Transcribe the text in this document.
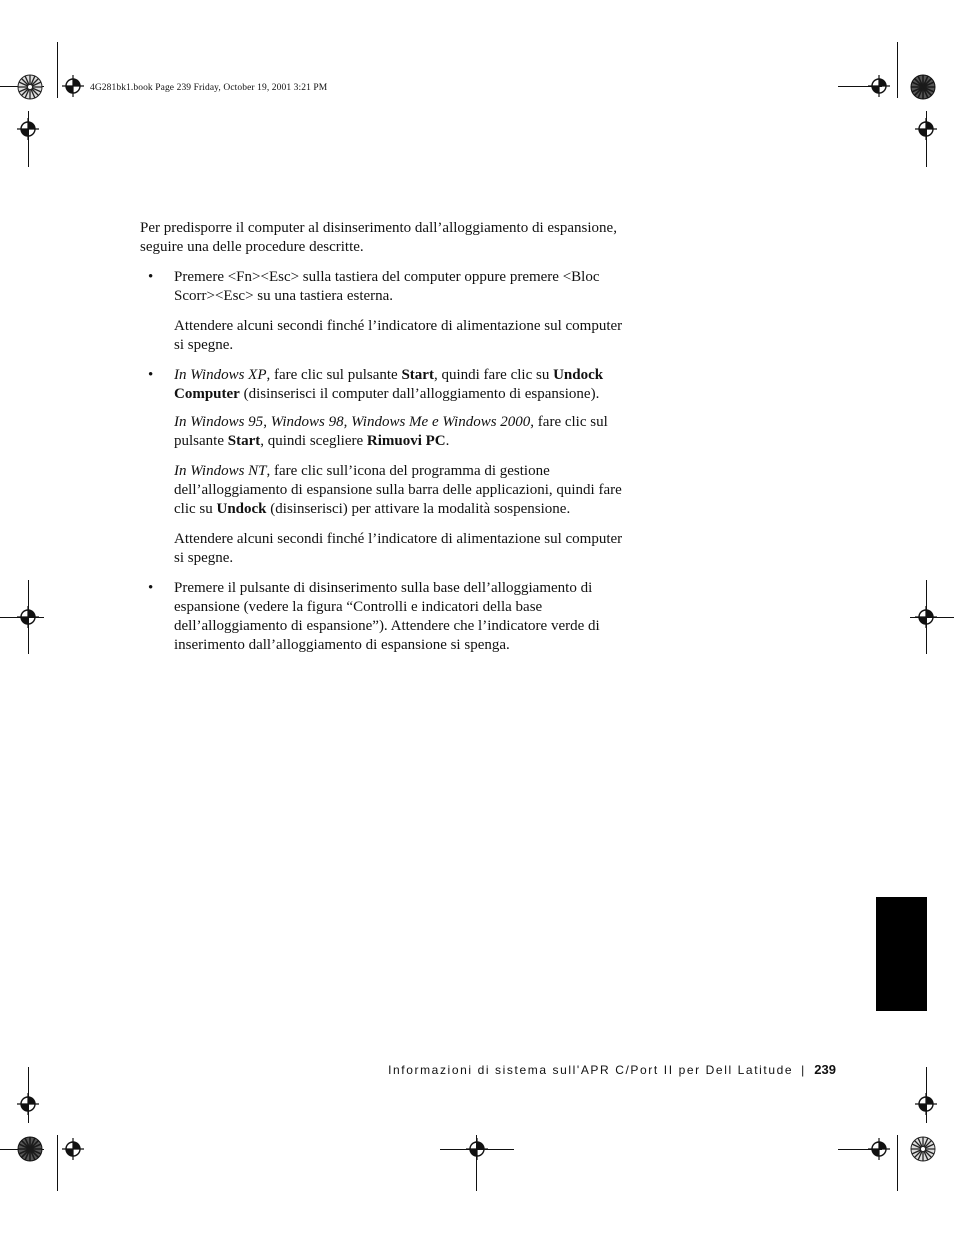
4G281bk1.book Page 239 Friday, October 19, 2001 3:21 PM

Per predisporre il computer al disinserimento dall’alloggiamento di espansione, seguire una delle procedure descritte.

• Premere <Fn><Esc> sulla tastiera del computer oppure premere <Bloc Scorr><Esc> su una tastiera esterna.

Attendere alcuni secondi finché l’indicatore di alimentazione sul computer si spegne.

• In Windows XP, fare clic sul pulsante Start, quindi fare clic su Undock Computer (disinserisci il computer dall’alloggiamento di espansione).

In Windows 95, Windows 98, Windows Me e Windows 2000, fare clic sul pulsante Start, quindi scegliere Rimuovi PC.

In Windows NT, fare clic sull’icona del programma di gestione dell’alloggiamento di espansione sulla barra delle applicazioni, quindi fare clic su Undock (disinserisci) per attivare la modalità sospensione.

Attendere alcuni secondi finché l’indicatore di alimentazione sul computer si spegne.

• Premere il pulsante di disinserimento sulla base dell’alloggiamento di espansione (vedere la figura “Controlli e indicatori della base dell’alloggiamento di espansione”). Attendere che l’indicatore verde di inserimento dall’alloggiamento di espansione si spenga.

Informazioni di sistema sull'APR C/Port II per Dell Latitude | 239
